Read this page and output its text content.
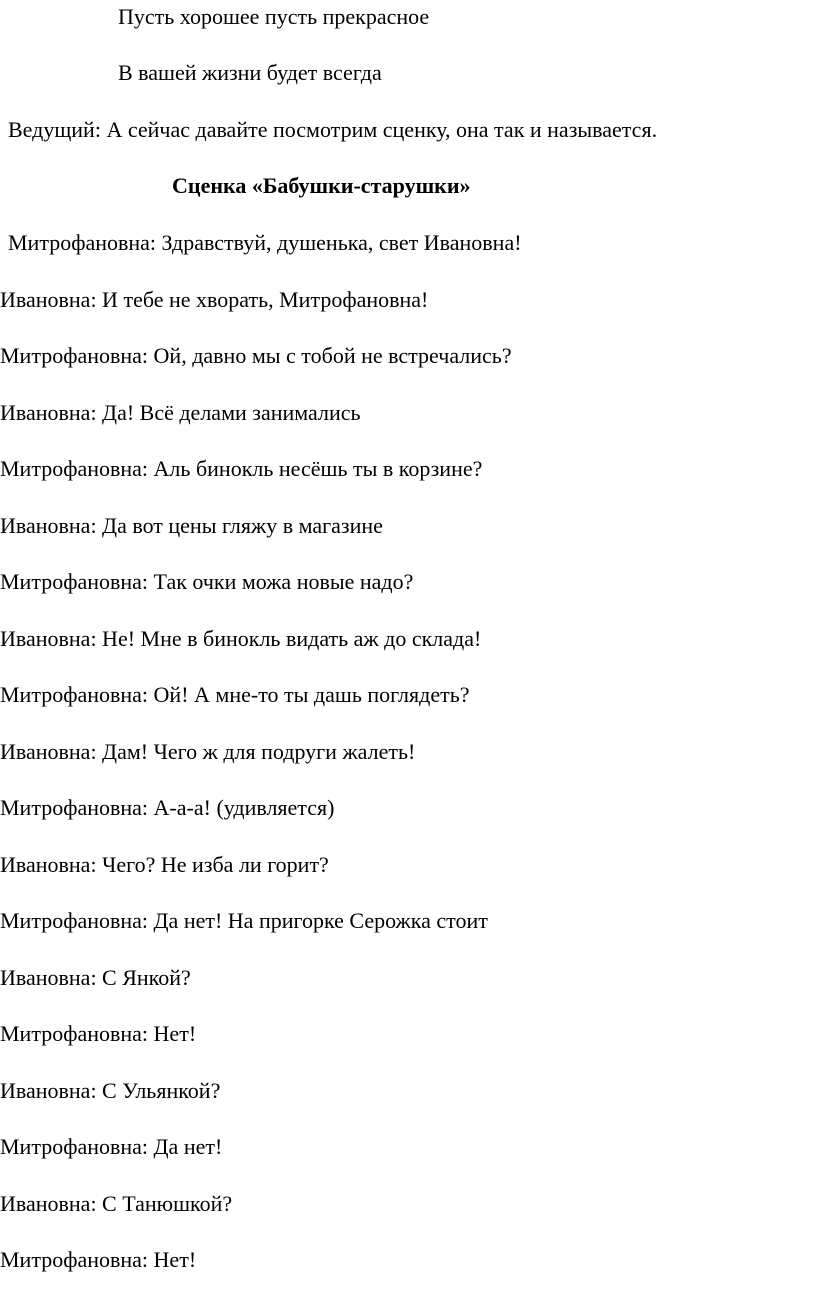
Пусть хорошее пусть прекрасное
В вашей жизни будет всегда
Ведущий: А сейчас давайте посмотрим сценку, она так и называется.
Сценка «Бабушки-старушки»
Митрофановна: Здравствуй, душенька, свет Ивановна!
Ивановна: И тебе не хворать, Митрофановна!
Митрофановна: Ой, давно мы с тобой не встречались?
Ивановна: Да! Всё делами занимались
Митрофановна: Аль бинокль несёшь ты в корзине?
Ивановна: Да вот цены гляжу в магазине
Митрофановна: Так очки можа новые надо?
Ивановна: Не! Мне в бинокль видать аж до склада!
Митрофановна: Ой! А мне-то ты дашь поглядеть?
Ивановна: Дам! Чего ж для подруги жалеть!
Митрофановна: А-а-а! (удивляется)
Ивановна: Чего? Не изба ли горит?
Митрофановна: Да нет! На пригорке Серожка стоит
Ивановна: С Янкой?
Митрофановна: Нет!
Ивановна: С Ульянкой?
Митрофановна: Да нет!
Ивановна: С Танюшкой?
Митрофановна: Нет!
